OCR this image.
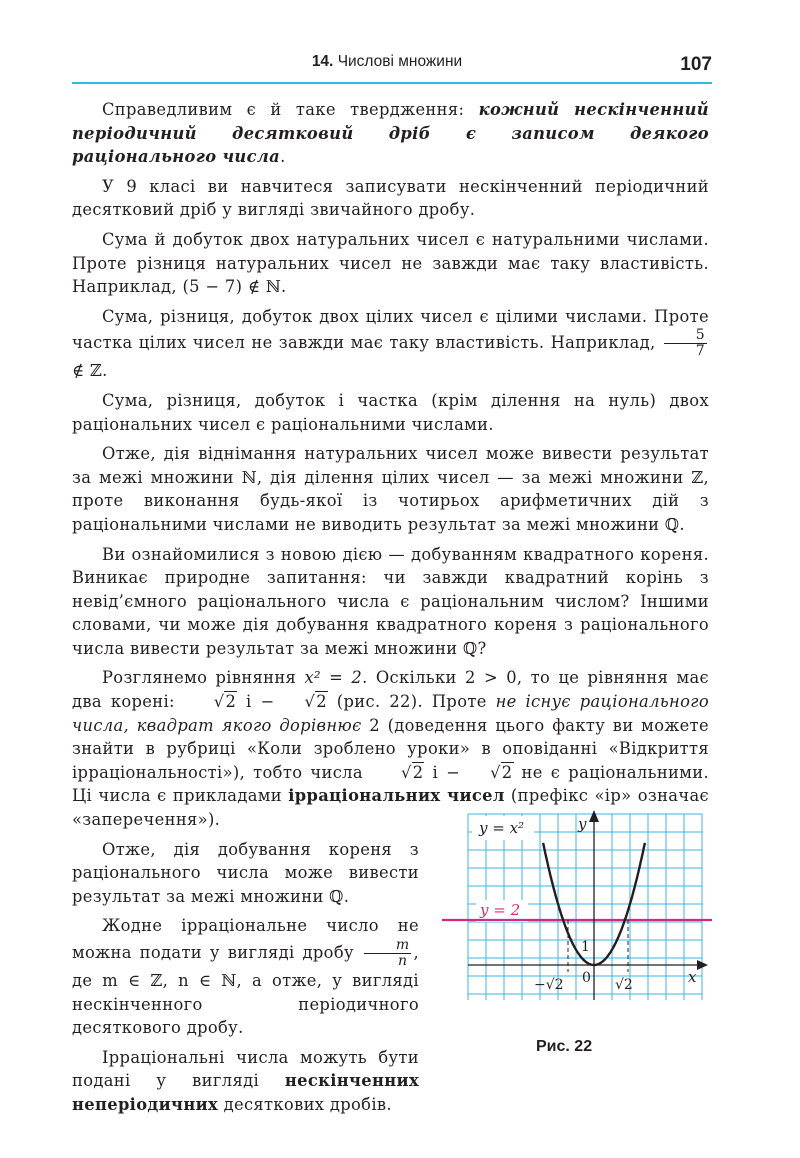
14. Числові множини	107

Справедливим є й таке твердження: кожний нескінченний періодичний десятковий дріб є записом деякого раціонального числа.

У 9 класі ви навчитеся записувати нескінченний періодичний десятковий дріб у вигляді звичайного дробу.

Сума й добуток двох натуральних чисел є натуральними числами. Проте різниця натуральних чисел не завжди має таку властивість. Наприклад, (5 − 7) ∉ ℕ.

Сума, різниця, добуток двох цілих чисел є цілими числами. Проте частка цілих чисел не завжди має таку властивість. Наприклад, $\frac{5}{7}$
∉ ℤ.

Сума, різниця, добуток і частка (крім ділення на нуль) двох раціональних чисел є раціональними числами.

Отже, дія віднімання натуральних чисел може вивести результат за межі множини ℕ, дія ділення цілих чисел — за межі множини ℤ, проте виконання будь-якої із чотирьох арифметичних дій з раціональними числами не виводить результат за межі множини ℚ.

Ви ознайомилися з новою дією — добуванням квадратного кореня. Виникає природне запитання: чи завжди квадратний корінь з невід’ємного раціонального числа є раціональним числом? Іншими словами, чи може дія добування квадратного кореня з раціонального числа вивести результат за межі множини ℚ?

Розглянемо рівняння x² = 2. Оскільки 2 > 0, то це рівняння має два корені: √2 і − √2 (рис. 22). Проте не існує раціонального числа, квадрат якого дорівнює 2 (доведення цього факту ви можете знайти в рубриці «Коли зроблено уроки» в оповіданні «Відкриття ірраціональності»), тобто числа √2 і − √2 не є раціональними. Ці числа є прикладами ірраціональних чисел (префікс «ір» означає «заперечення»).

Отже, дія добування кореня з раціонального числа може вивести результат за межі множини ℚ.

Жодне ірраціональне число не можна подати у вигляді дробу $\frac{m}{n}$ , де m ∈ ℤ, n ∈ ℕ, а отже, у вигляді нескінченного періодичного десяткового дробу.

Ірраціональні числа можуть бути подані у вигляді нескінченних неперіодичних десяткових дробів.

y = x²
y = 2
y
x
0
1
−√2	√2
Рис. 22
